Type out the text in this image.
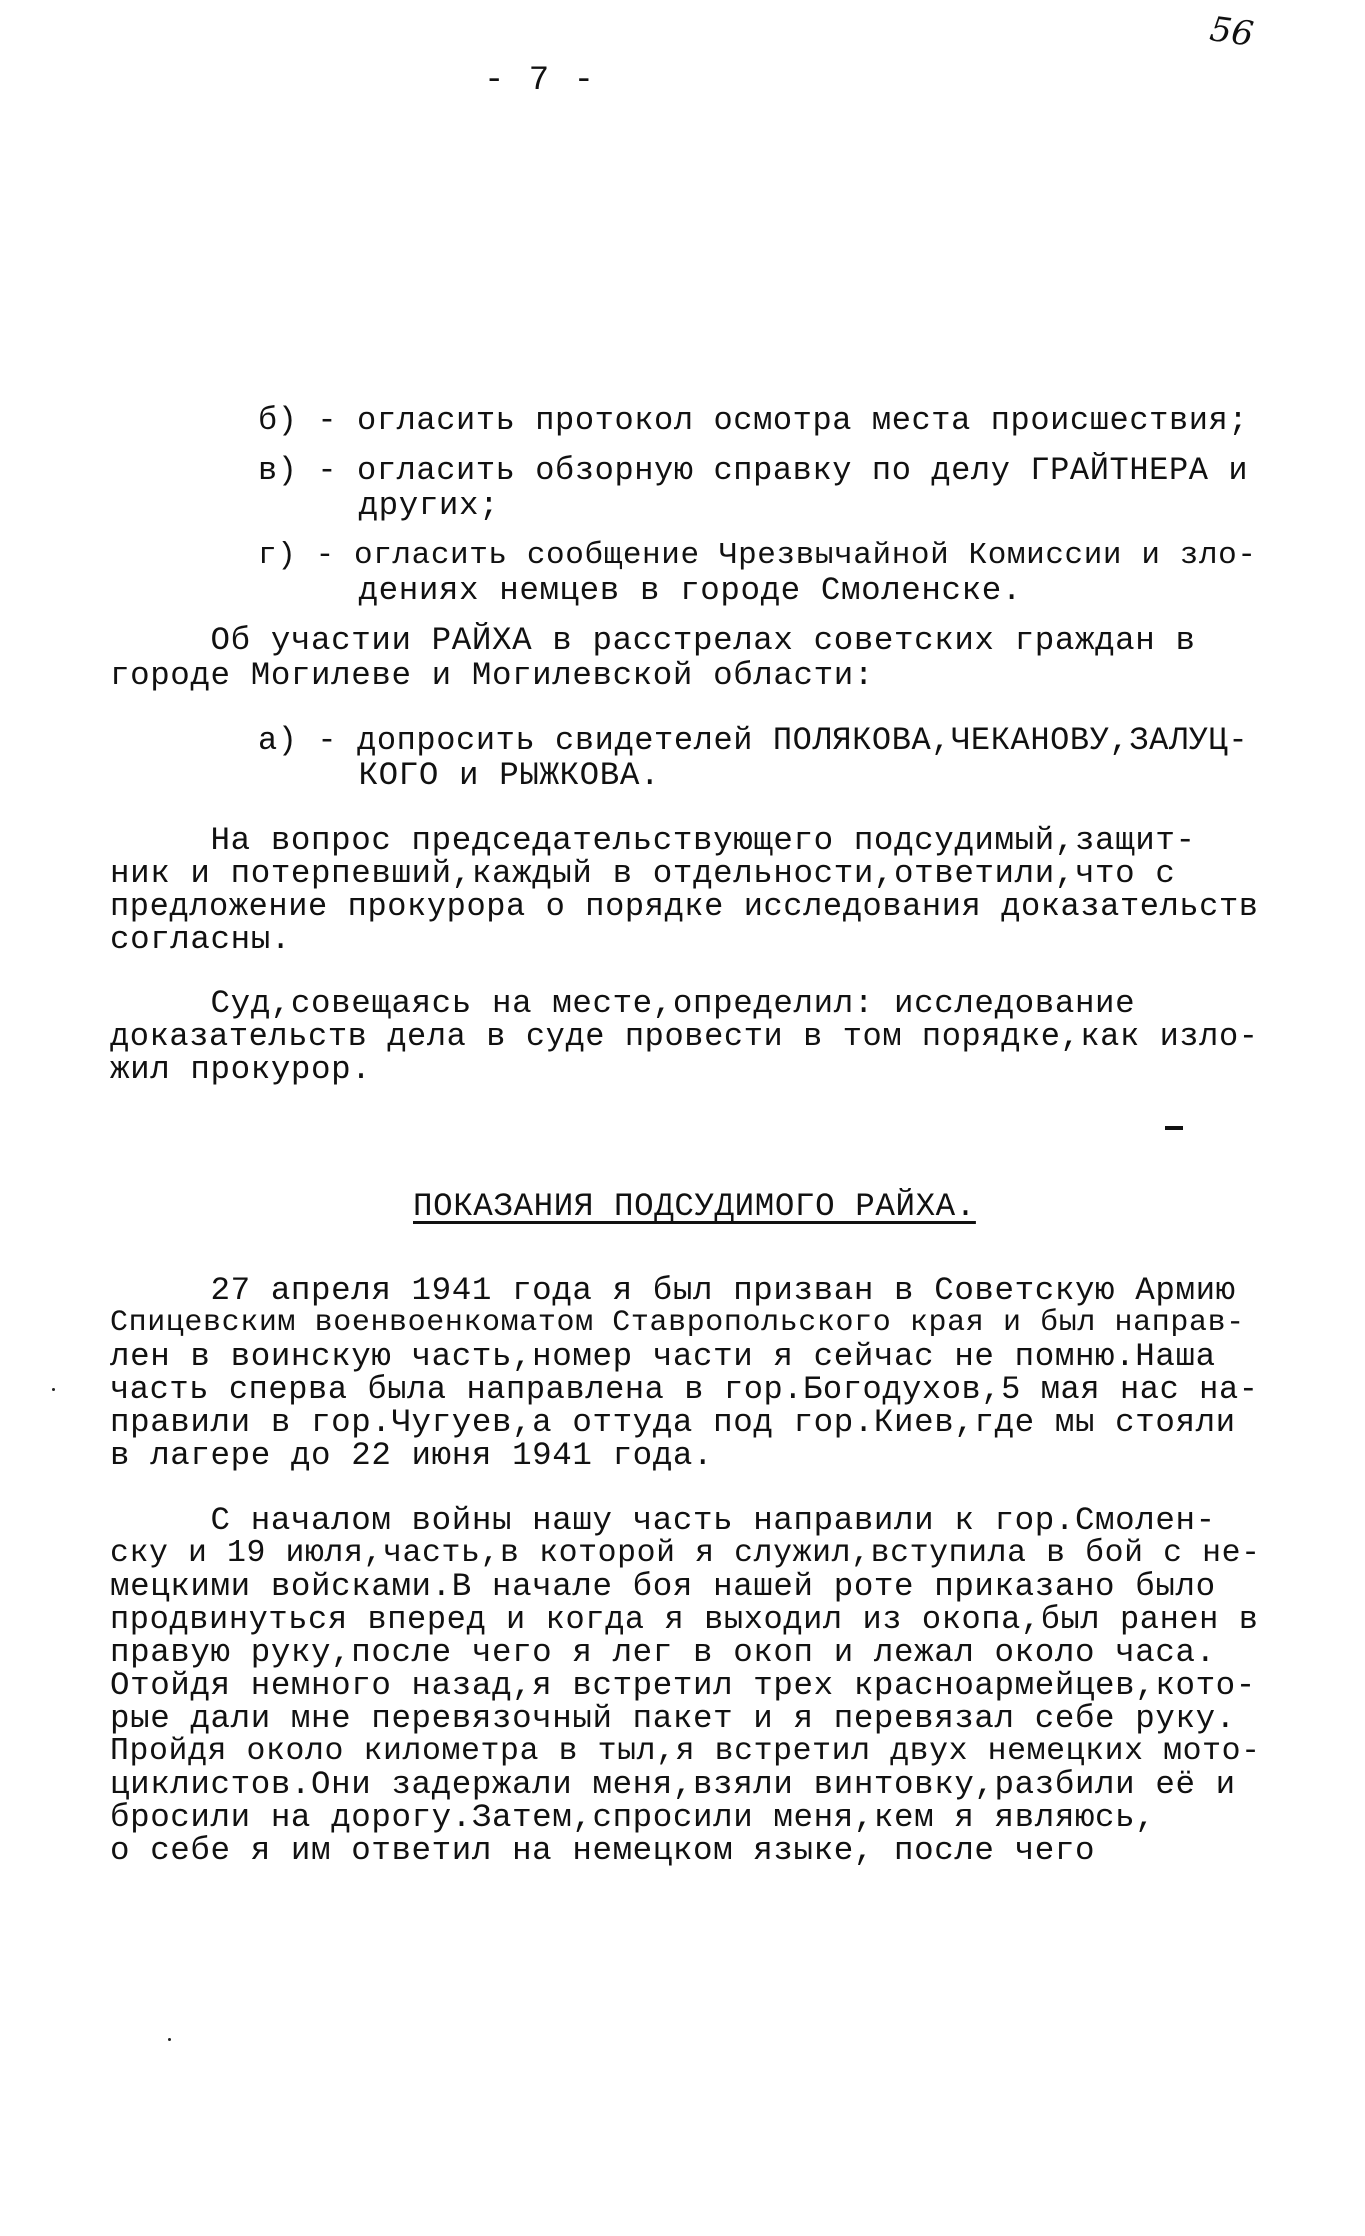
- 7 -
56
б) - огласить протокол осмотра места происшествия;
в) - огласить обзорную справку по делу ГРАЙТНЕРА и
других;
г) - огласить сообщение Чрезвычайной Комиссии и зло-
дениях немцев в городе Смоленске.
Об участии РАЙХА в расстрелах советских граждан в
городе Могилеве и Могилевской области:
а) - допросить свидетелей ПОЛЯКОВА,ЧЕКАНОВУ,ЗАЛУЦ-
КОГО и РЫЖКОВА.
На вопрос председательствующего подсудимый,защит-
ник и потерпевший,каждый в отдельности,ответили,что с
предложение прокурора о порядке исследования доказательств
согласны.
Суд,совещаясь на месте,определил: исследование
доказательств дела в суде провести в том порядке,как изло-
жил прокурор.
ПОКАЗАНИЯ ПОДСУДИМОГО РАЙХА.
27 апреля 1941 года я был призван в Советскую Армию
Спицевским военвоенкоматом Ставропольского края и был направ-
лен в воинскую часть,номер части я сейчас не помню.Наша
часть сперва была направлена в гор.Богодухов,5 мая нас на-
правили в гор.Чугуев,а оттуда под гор.Киев,где мы стояли
в лагере до 22 июня 1941 года.
С началом войны нашу часть направили к гор.Смолен-
ску и 19 июля,часть,в которой я служил,вступила в бой с не-
мецкими войсками.В начале боя нашей роте приказано было
продвинуться вперед и когда я выходил из окопа,был ранен в
правую руку,после чего я лег в окоп и лежал около часа.
Отойдя немного назад,я встретил трех красноармейцев,кото-
рые дали мне перевязочный пакет и я перевязал себе руку.
Пройдя около километра в тыл,я встретил двух немецких мото-
циклистов.Они задержали меня,взяли винтовку,разбили её и
бросили на дорогу.Затем,спросили меня,кем я являюсь,
о себе я им ответил на немецком языке, после чего
